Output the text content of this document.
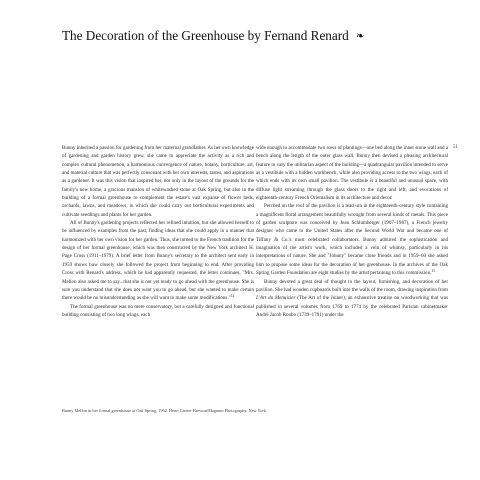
The Decoration of the Greenhouse by Fernand Renard ❧
51

Bunny inherited a passion for gardening from her maternal grandfather. As her own knowledge of gardening and garden history grew, she came to appreciate the activity as a rich and complex cultural phenomenon, a harmonious convergence of nature, botany, horticulture, art, and material culture that was perfectly consonant with her own interests, tastes, and aspirations as a gardener. It was this vision that inspired her, not only in the layout of the grounds for the family's new home, a gracious mansion of whitewashed stone at Oak Spring, but also in the building of a formal greenhouse to complement the estate's vast expanse of flower beds, orchards, lawns, and meadows, in which she could carry out horticultural experiments and cultivate seedlings and plants for her garden.

All of Bunny's gardening projects reflected her refined intuition, but she allowed herself to be influenced by examples from the past, finding ideas that she could apply in a manner that harmonized with her own vision for her garden. Thus, she turned to the French tradition for the design of her formal greenhouse, which was then constructed by the New York architect H. Page Cross (1911–1979). A brief letter from Bunny's secretary to the architect sent early in 1959 shows how closely she followed the project from beginning to end. After providing Cross with Renard's address, which he had apparently requested, the letter continues, "Mrs. Mellon also asked me to say...that she is not yet ready to go ahead with the greenhouse. She is sure you understand that she does not want you to go ahead, but she wanted to make certain there would be no misunderstanding as she will want to make some modifications."$^{12}$

The formal greenhouse was no mere conservatory, but a carefully designed and functional building consisting of two long wings, each

wide enough to accommodate two rows of plantings—one bed along the inner stone wall and a bench along the length of the outer glass wall. Bunny then devised a pleasing architectural feature to vary the utilitarian aspect of the building—a quadrangular pavilion intended to serve as a vestibule with a hidden workbench, while also providing access to the two wings, each of which ends with its own small pavilion. The vestibule is a beautiful and unusual space, with diffuse light streaming through the glass doors to the right and left, and evocations of eighteenth-century French Orientalism in its architecture and decor.

Perched on the roof of the pavilion is a lead urn in the eighteenth-century style containing a magnificent floral arrangement beautifully wrought from several kinds of metals. This piece of garden sculpture was conceived by Jean Schlumberger (1907–1987), a French jewelry designer who came to the United States after the Second World War and became one of Tiffany & Co.'s most celebrated collaborators. Bunny admired the sophistication and imagination of the artist's work, which included a vein of whimsy, particularly in his interpretations of nature. She and "Johnny" became close friends and in 1959–60 she asked him to propose some ideas for the decoration of her greenhouse. In the archives of the Oak Spring Garden Foundation are eight studies by the artist pertaining to this commission.$^{13}$

Bunny devoted a great deal of thought to the layout, furnishing, and decoration of her pavilion. She had wooden cupboards built into the walls of the room, drawing inspiration from L'Art du Menuisier (The Art of the Joiner), an exhaustive treatise on woodworking that was published in several volumes from 1769 to 1774 by the celebrated Parisian cabinetmaker André Jacob Roubo (1739–1791) under the

Bunny Mellon in her formal greenhouse at Oak Spring, 1962. Henri Cartier-Bresson/Magnum Photography, New York.
